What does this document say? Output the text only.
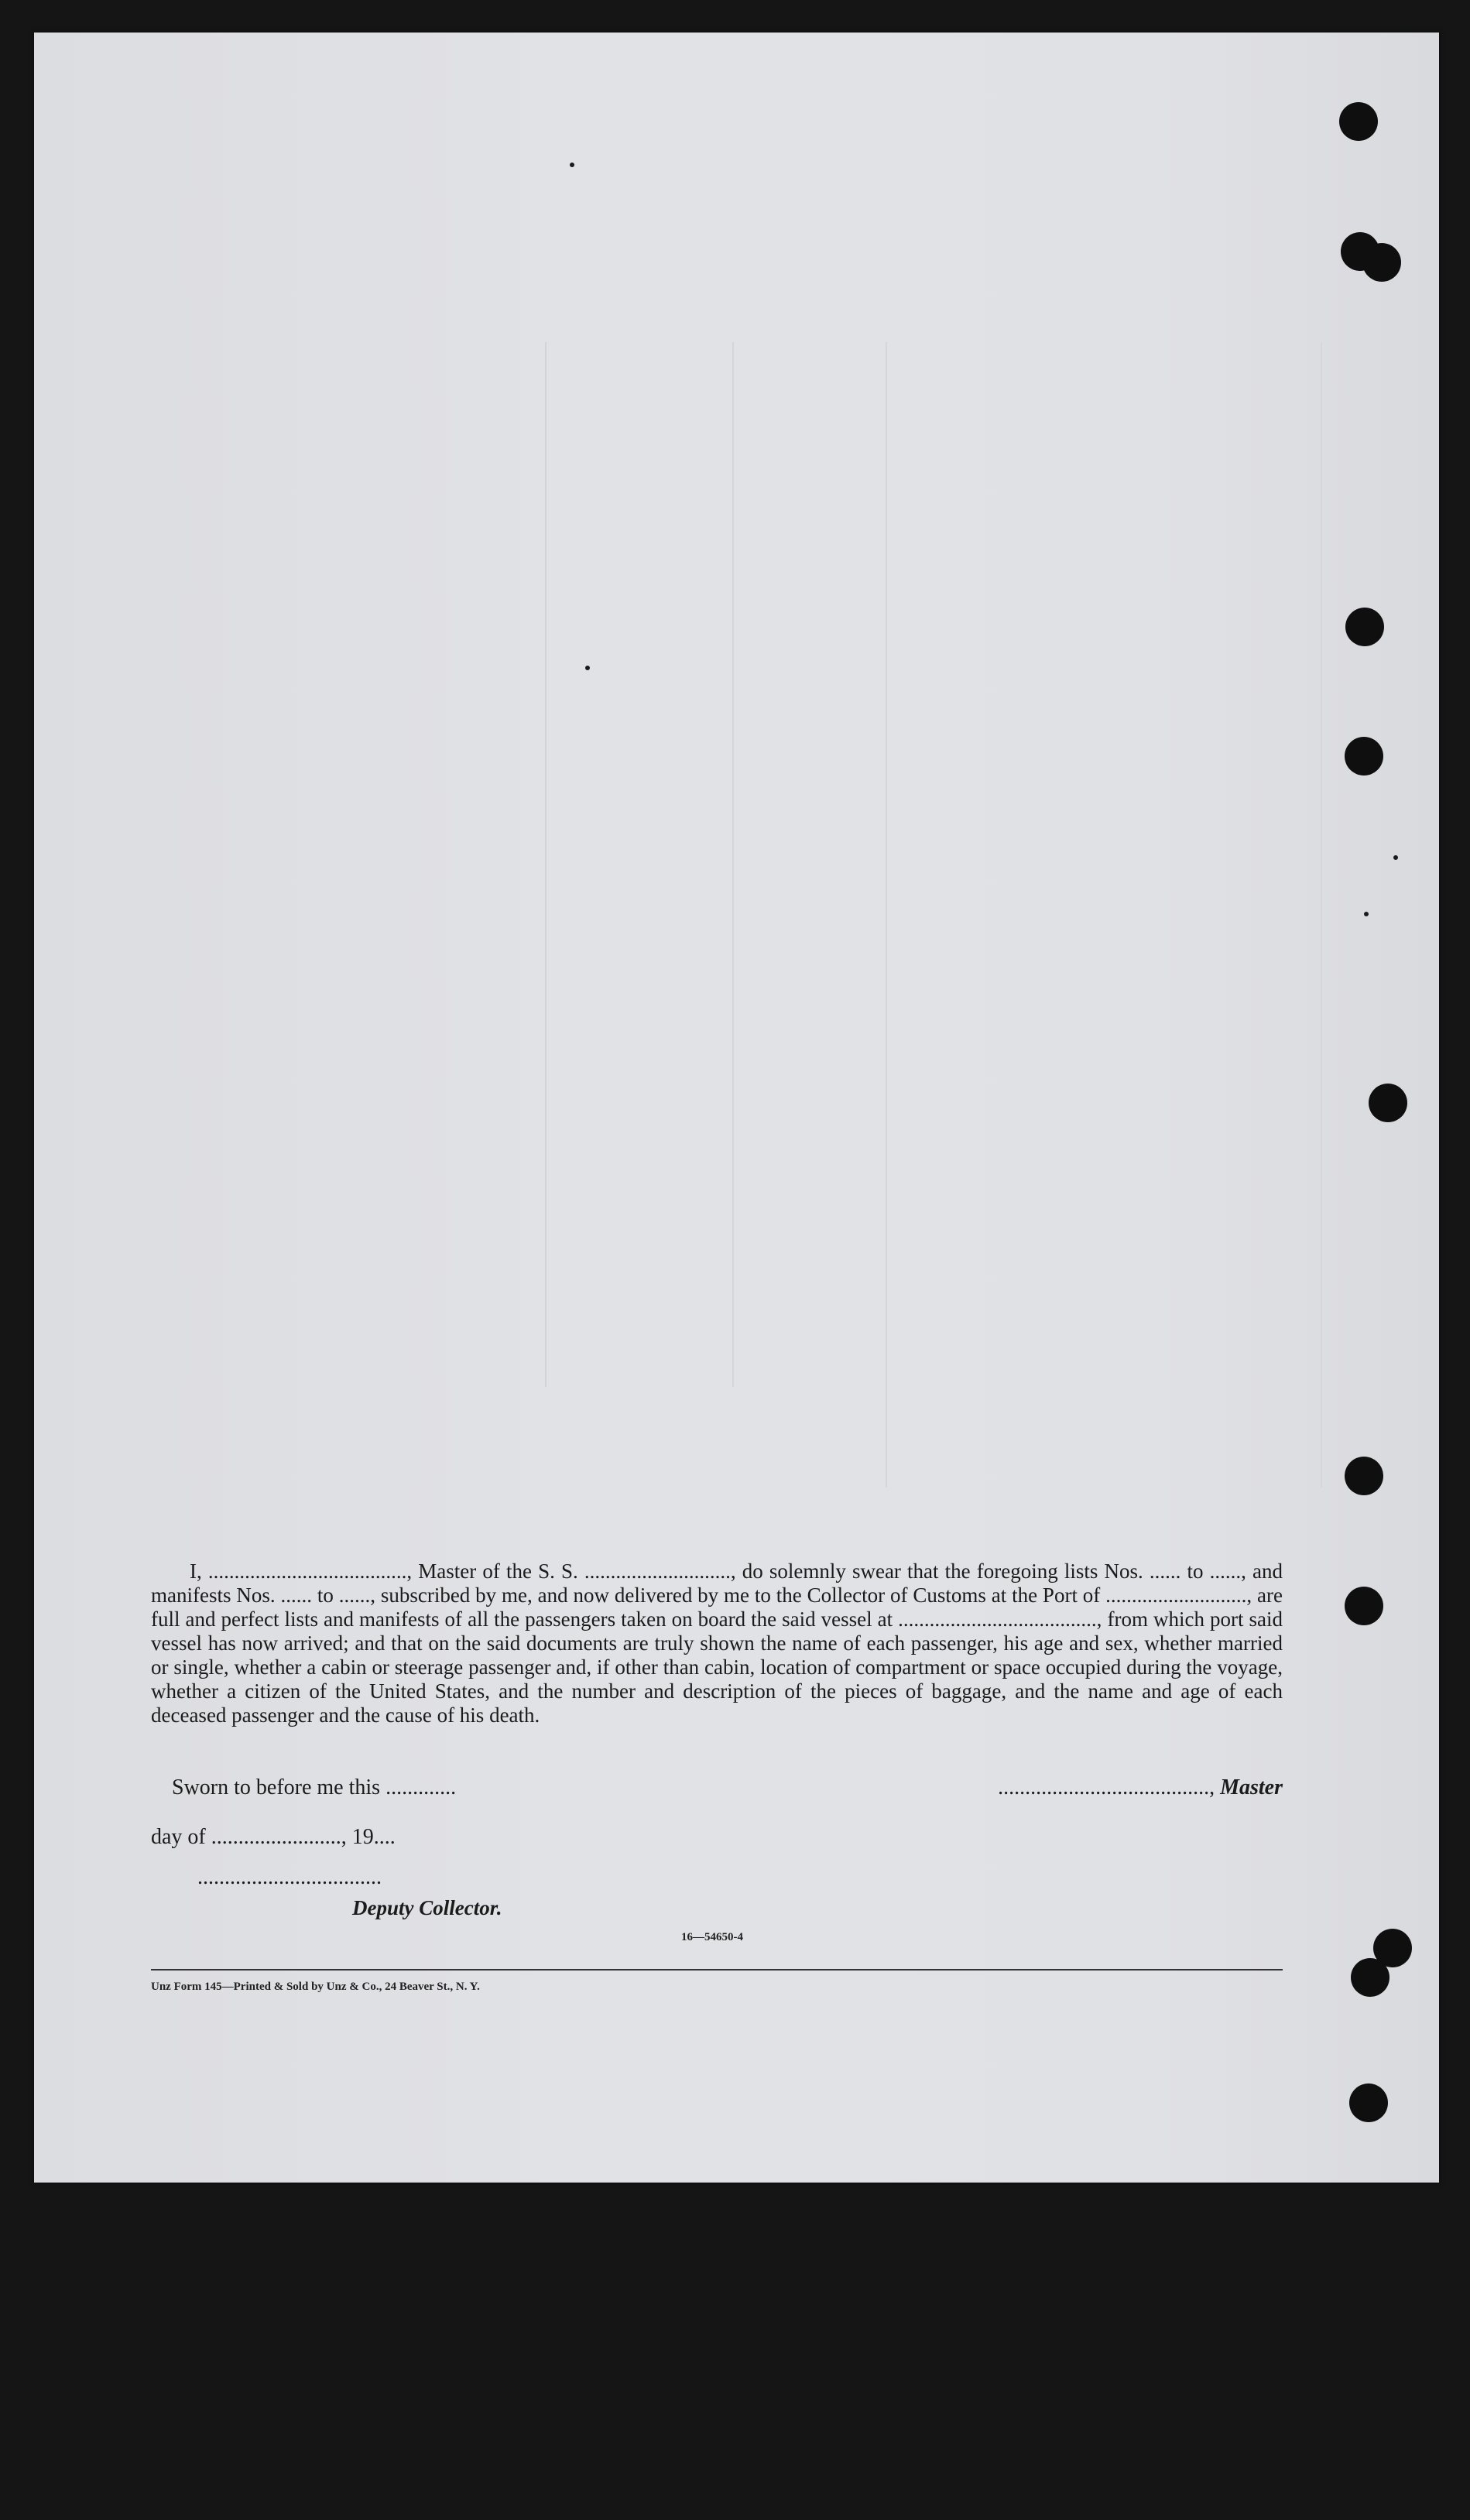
I, ......................................, Master of the S. S. ............................, do solemnly swear that the foregoing lists Nos. ...... to ......, and manifests Nos. ...... to ......, subscribed by me, and now delivered by me to the Collector of Customs at the Port of ..........................., are full and perfect lists and manifests of all the passengers taken on board the said vessel at ......................................, from which port said vessel has now arrived; and that on the said documents are truly shown the name of each passenger, his age and sex, whether married or single, whether a cabin or steerage passenger and, if other than cabin, location of compartment or space occupied during the voyage, whether a citizen of the United States, and the number and description of the pieces of baggage, and the name and age of each deceased passenger and the cause of his death.
Sworn to before me this .............	......................................., Master
day of ........................, 19....
..................................
Deputy Collector.
16—54650-4
Unz Form 145—Printed & Sold by Unz & Co., 24 Beaver St., N. Y.
